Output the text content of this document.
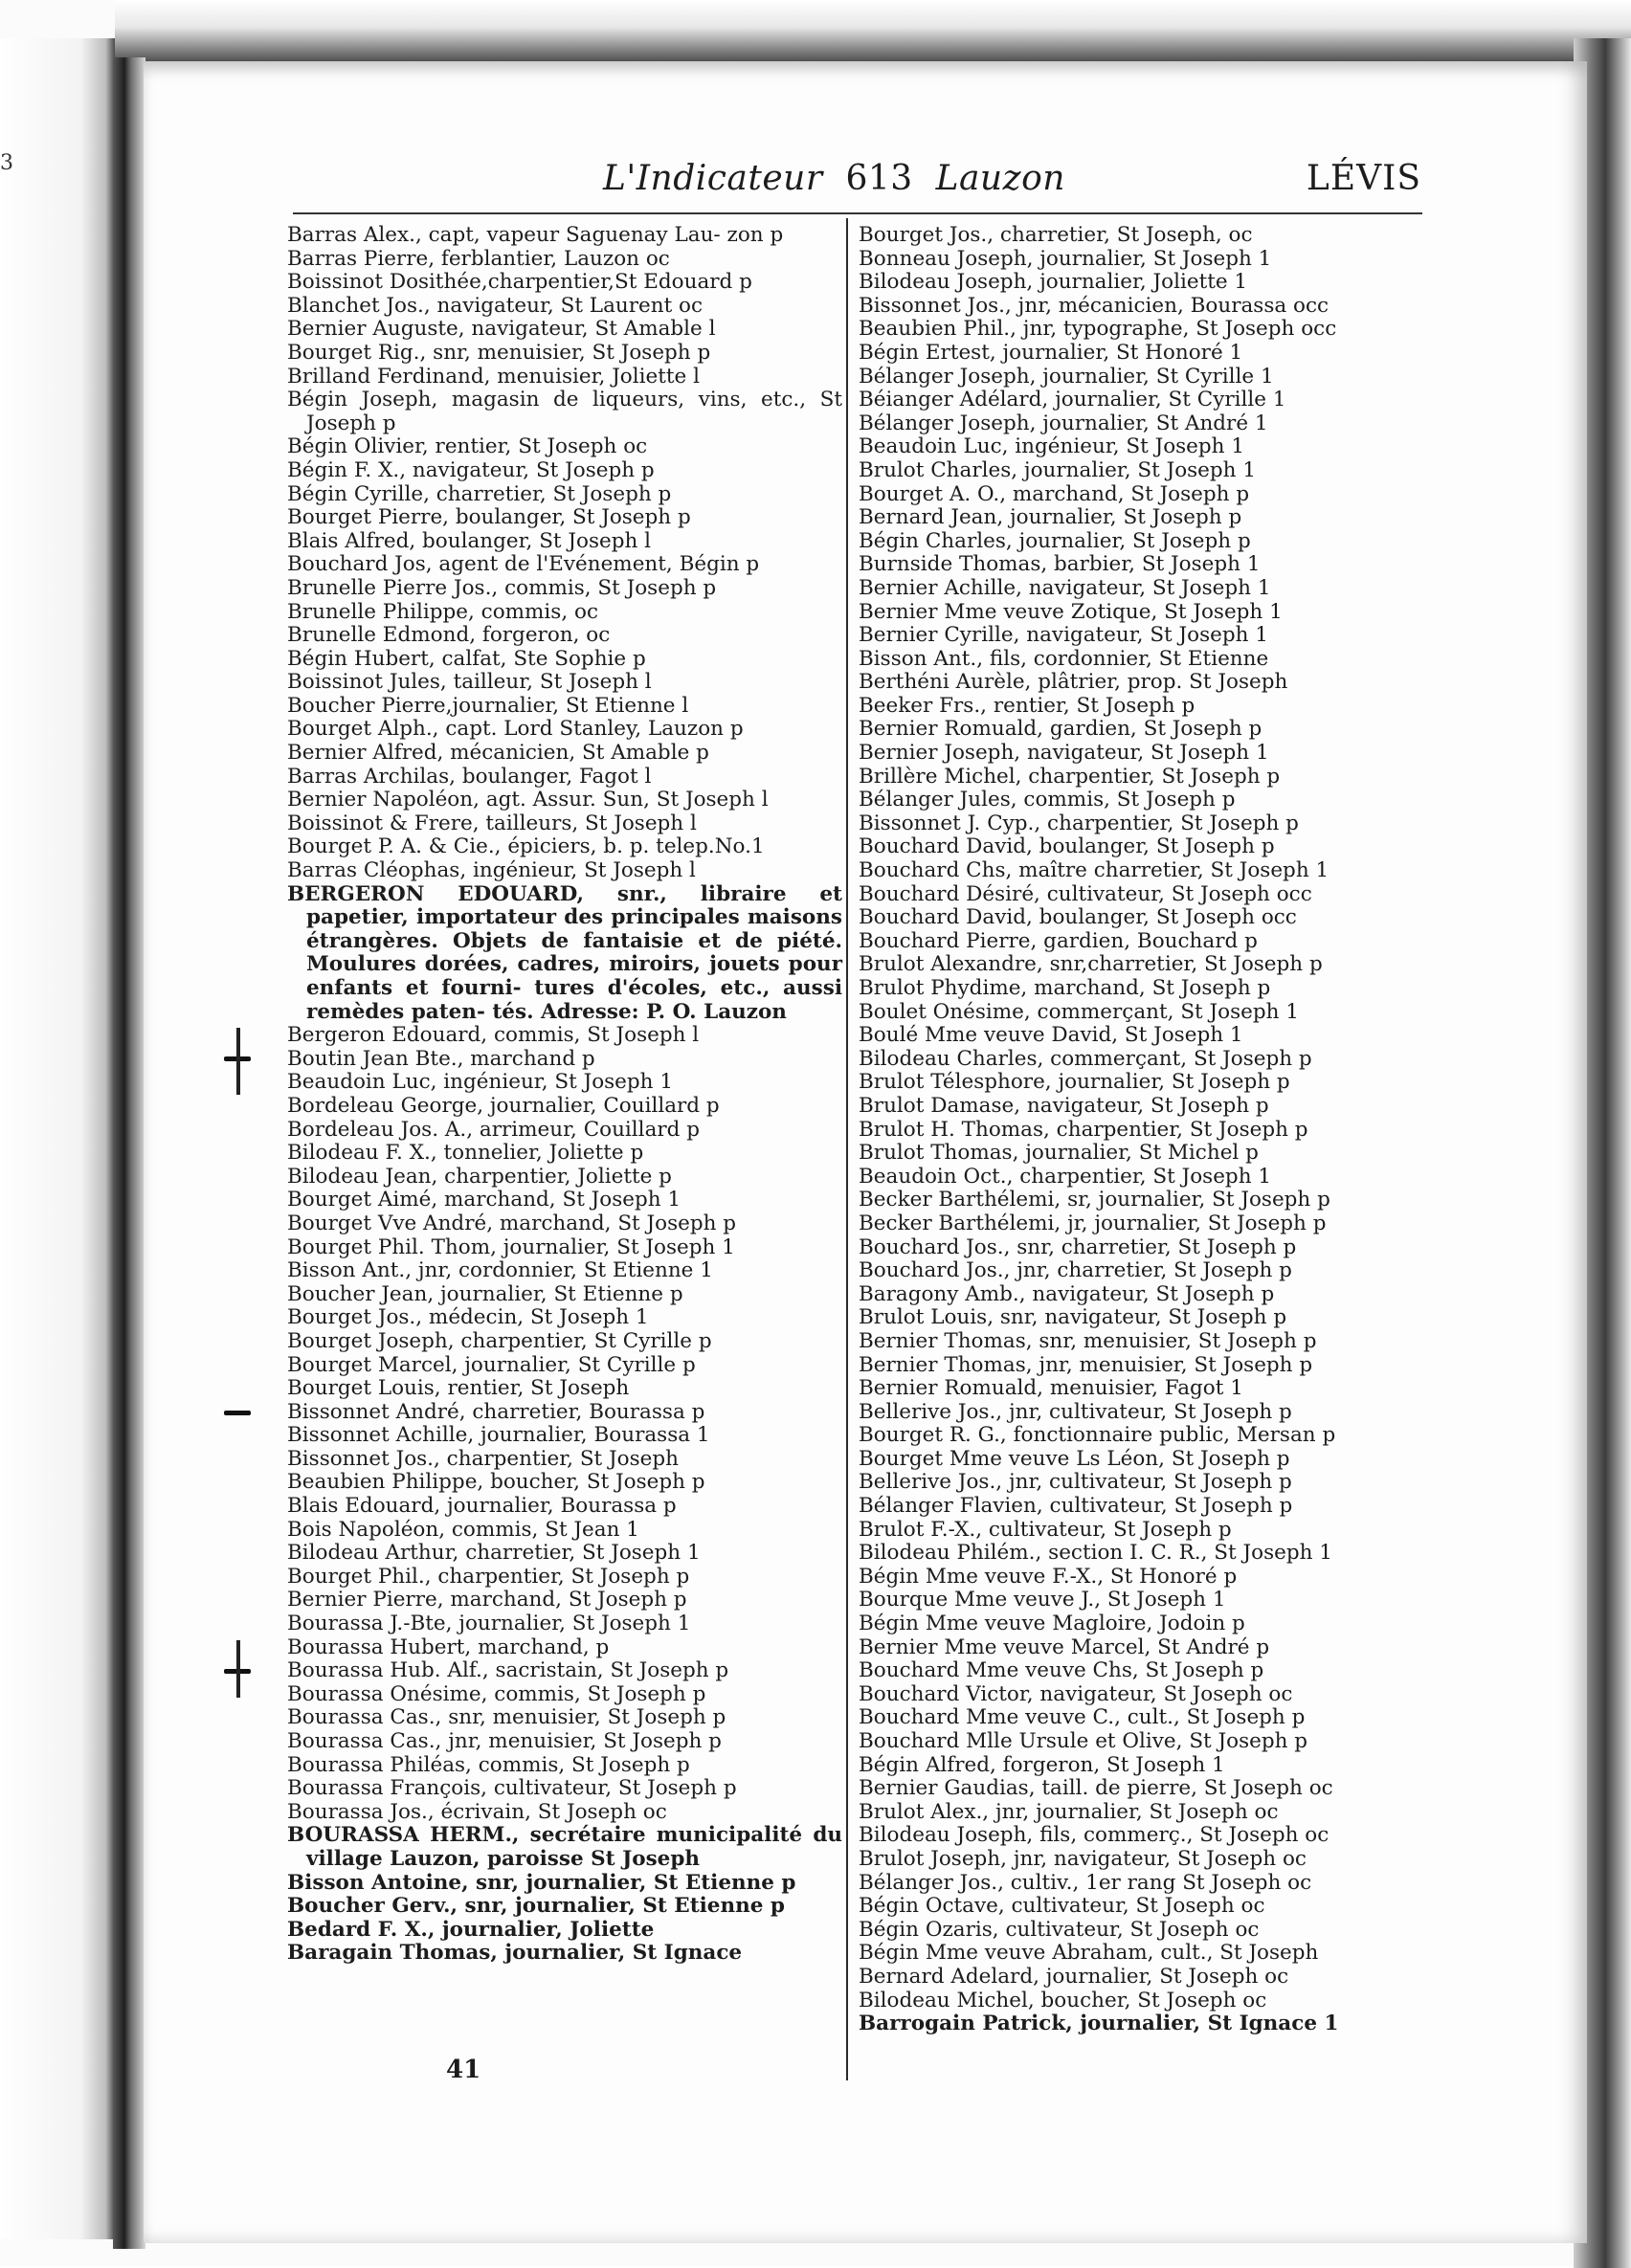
3	L'Indicateur 613 Lauzon	LÉVIS
Barras Alex., capt, vapeur Saguenay Lau- zon p
Barras Pierre, ferblantier, Lauzon oc
Boissinot Dosithée,charpentier,St Edouard p
Blanchet Jos., navigateur, St Laurent oc
Bernier Auguste, navigateur, St Amable l
Bourget Rig., snr, menuisier, St Joseph p
Brilland Ferdinand, menuisier, Joliette l
Bégin Joseph, magasin de liqueurs, vins, etc., St Joseph p
Bégin Olivier, rentier, St Joseph oc
Bégin F. X., navigateur, St Joseph p
Bégin Cyrille, charretier, St Joseph p
Bourget Pierre, boulanger, St Joseph p
Blais Alfred, boulanger, St Joseph l
Bouchard Jos, agent de l'Evénement, Bégin p
Brunelle Pierre Jos., commis, St Joseph p
Brunelle Philippe, commis, oc
Brunelle Edmond, forgeron, oc
Bégin Hubert, calfat, Ste Sophie p
Boissinot Jules, tailleur, St Joseph l
Boucher Pierre,journalier, St Etienne l
Bourget Alph., capt. Lord Stanley, Lauzon p
Bernier Alfred, mécanicien, St Amable p
Barras Archilas, boulanger, Fagot l
Bernier Napoléon, agt. Assur. Sun, St Joseph l
Boissinot & Frere, tailleurs, St Joseph l
Bourget P. A. & Cie., épiciers, b. p. telep.No.1
Barras Cléophas, ingénieur, St Joseph l
BERGERON EDOUARD, snr., libraire et papetier, importateur des principales maisons étrangères. Objets de fantaisie et de piété. Moulures dorées, cadres, miroirs, jouets pour enfants et fourni- tures d'écoles, etc., aussi remèdes paten- tés. Adresse: P. O. Lauzon
Bergeron Edouard, commis, St Joseph l
Boutin Jean Bte., marchand p
Beaudoin Luc, ingénieur, St Joseph 1
Bordeleau George, journalier, Couillard p
Bordeleau Jos. A., arrimeur, Couillard p
Bilodeau F. X., tonnelier, Joliette p
Bilodeau Jean, charpentier, Joliette p
Bourget Aimé, marchand, St Joseph 1
Bourget Vve André, marchand, St Joseph p
Bourget Phil. Thom, journalier, St Joseph 1
Bisson Ant., jnr, cordonnier, St Etienne 1
Boucher Jean, journalier, St Etienne p
Bourget Jos., médecin, St Joseph 1
Bourget Joseph, charpentier, St Cyrille p
Bourget Marcel, journalier, St Cyrille p
Bourget Louis, rentier, St Joseph
Bissonnet André, charretier, Bourassa p
Bissonnet Achille, journalier, Bourassa 1
Bissonnet Jos., charpentier, St Joseph
Beaubien Philippe, boucher, St Joseph p
Blais Edouard, journalier, Bourassa p
Bois Napoléon, commis, St Jean 1
Bilodeau Arthur, charretier, St Joseph 1
Bourget Phil., charpentier, St Joseph p
Bernier Pierre, marchand, St Joseph p
Bourassa J.-Bte, journalier, St Joseph 1
Bourassa Hubert, marchand, p
Bourassa Hub. Alf., sacristain, St Joseph p
Bourassa Onésime, commis, St Joseph p
Bourassa Cas., snr, menuisier, St Joseph p
Bourassa Cas., jnr, menuisier, St Joseph p
Bourassa Philéas, commis, St Joseph p
Bourassa François, cultivateur, St Joseph p
Bourassa Jos., écrivain, St Joseph oc
BOURASSA HERM., secrétaire municipalité du village Lauzon, paroisse St Joseph
Bisson Antoine, snr, journalier, St Etienne p
Boucher Gerv., snr, journalier, St Etienne p
Bedard F. X., journalier, Joliette
Baragain Thomas, journalier, St Ignace
Bourget Jos., charretier, St Joseph, oc
Bonneau Joseph, journalier, St Joseph 1
Bilodeau Joseph, journalier, Joliette 1
Bissonnet Jos., jnr, mécanicien, Bourassa occ
Beaubien Phil., jnr, typographe, St Joseph occ
Bégin Ertest, journalier, St Honoré 1
Bélanger Joseph, journalier, St Cyrille 1
Béianger Adélard, journalier, St Cyrille 1
Bélanger Joseph, journalier, St André 1
Beaudoin Luc, ingénieur, St Joseph 1
Brulot Charles, journalier, St Joseph 1
Bourget A. O., marchand, St Joseph p
Bernard Jean, journalier, St Joseph p
Bégin Charles, journalier, St Joseph p
Burnside Thomas, barbier, St Joseph 1
Bernier Achille, navigateur, St Joseph 1
Bernier Mme veuve Zotique, St Joseph 1
Bernier Cyrille, navigateur, St Joseph 1
Bisson Ant., fils, cordonnier, St Etienne
Berthéni Aurèle, plâtrier, prop. St Joseph
Beeker Frs., rentier, St Joseph p
Bernier Romuald, gardien, St Joseph p
Bernier Joseph, navigateur, St Joseph 1
Brillère Michel, charpentier, St Joseph p
Bélanger Jules, commis, St Joseph p
Bissonnet J. Cyp., charpentier, St Joseph p
Bouchard David, boulanger, St Joseph p
Bouchard Chs, maître charretier, St Joseph 1
Bouchard Désiré, cultivateur, St Joseph occ
Bouchard David, boulanger, St Joseph occ
Bouchard Pierre, gardien, Bouchard p
Brulot Alexandre, snr,charretier, St Joseph p
Brulot Phydime, marchand, St Joseph p
Boulet Onésime, commerçant, St Joseph 1
Boulé Mme veuve David, St Joseph 1
Bilodeau Charles, commerçant, St Joseph p
Brulot Télesphore, journalier, St Joseph p
Brulot Damase, navigateur, St Joseph p
Brulot H. Thomas, charpentier, St Joseph p
Brulot Thomas, journalier, St Michel p
Beaudoin Oct., charpentier, St Joseph 1
Becker Barthélemi, sr, journalier, St Joseph p
Becker Barthélemi, jr, journalier, St Joseph p
Bouchard Jos., snr, charretier, St Joseph p
Bouchard Jos., jnr, charretier, St Joseph p
Baragony Amb., navigateur, St Joseph p
Brulot Louis, snr, navigateur, St Joseph p
Bernier Thomas, snr, menuisier, St Joseph p
Bernier Thomas, jnr, menuisier, St Joseph p
Bernier Romuald, menuisier, Fagot 1
Bellerive Jos., jnr, cultivateur, St Joseph p
Bourget R. G., fonctionnaire public, Mersan p
Bourget Mme veuve Ls Léon, St Joseph p
Bellerive Jos., jnr, cultivateur, St Joseph p
Bélanger Flavien, cultivateur, St Joseph p
Brulot F.-X., cultivateur, St Joseph p
Bilodeau Philém., section I. C. R., St Joseph 1
Bégin Mme veuve F.-X., St Honoré p
Bourque Mme veuve J., St Joseph 1
Bégin Mme veuve Magloire, Jodoin p
Bernier Mme veuve Marcel, St André p
Bouchard Mme veuve Chs, St Joseph p
Bouchard Victor, navigateur, St Joseph oc
Bouchard Mme veuve C., cult., St Joseph p
Bouchard Mlle Ursule et Olive, St Joseph p
Bégin Alfred, forgeron, St Joseph 1
Bernier Gaudias, taill. de pierre, St Joseph oc
Brulot Alex., jnr, journalier, St Joseph oc
Bilodeau Joseph, fils, commerç., St Joseph oc
Brulot Joseph, jnr, navigateur, St Joseph oc
Bélanger Jos., cultiv., 1er rang St Joseph oc
Bégin Octave, cultivateur, St Joseph oc
Bégin Ozaris, cultivateur, St Joseph oc
Bégin Mme veuve Abraham, cult., St Joseph
Bernard Adelard, journalier, St Joseph oc
Bilodeau Michel, boucher, St Joseph oc
Barrogain Patrick, journalier, St Ignace 1
41
